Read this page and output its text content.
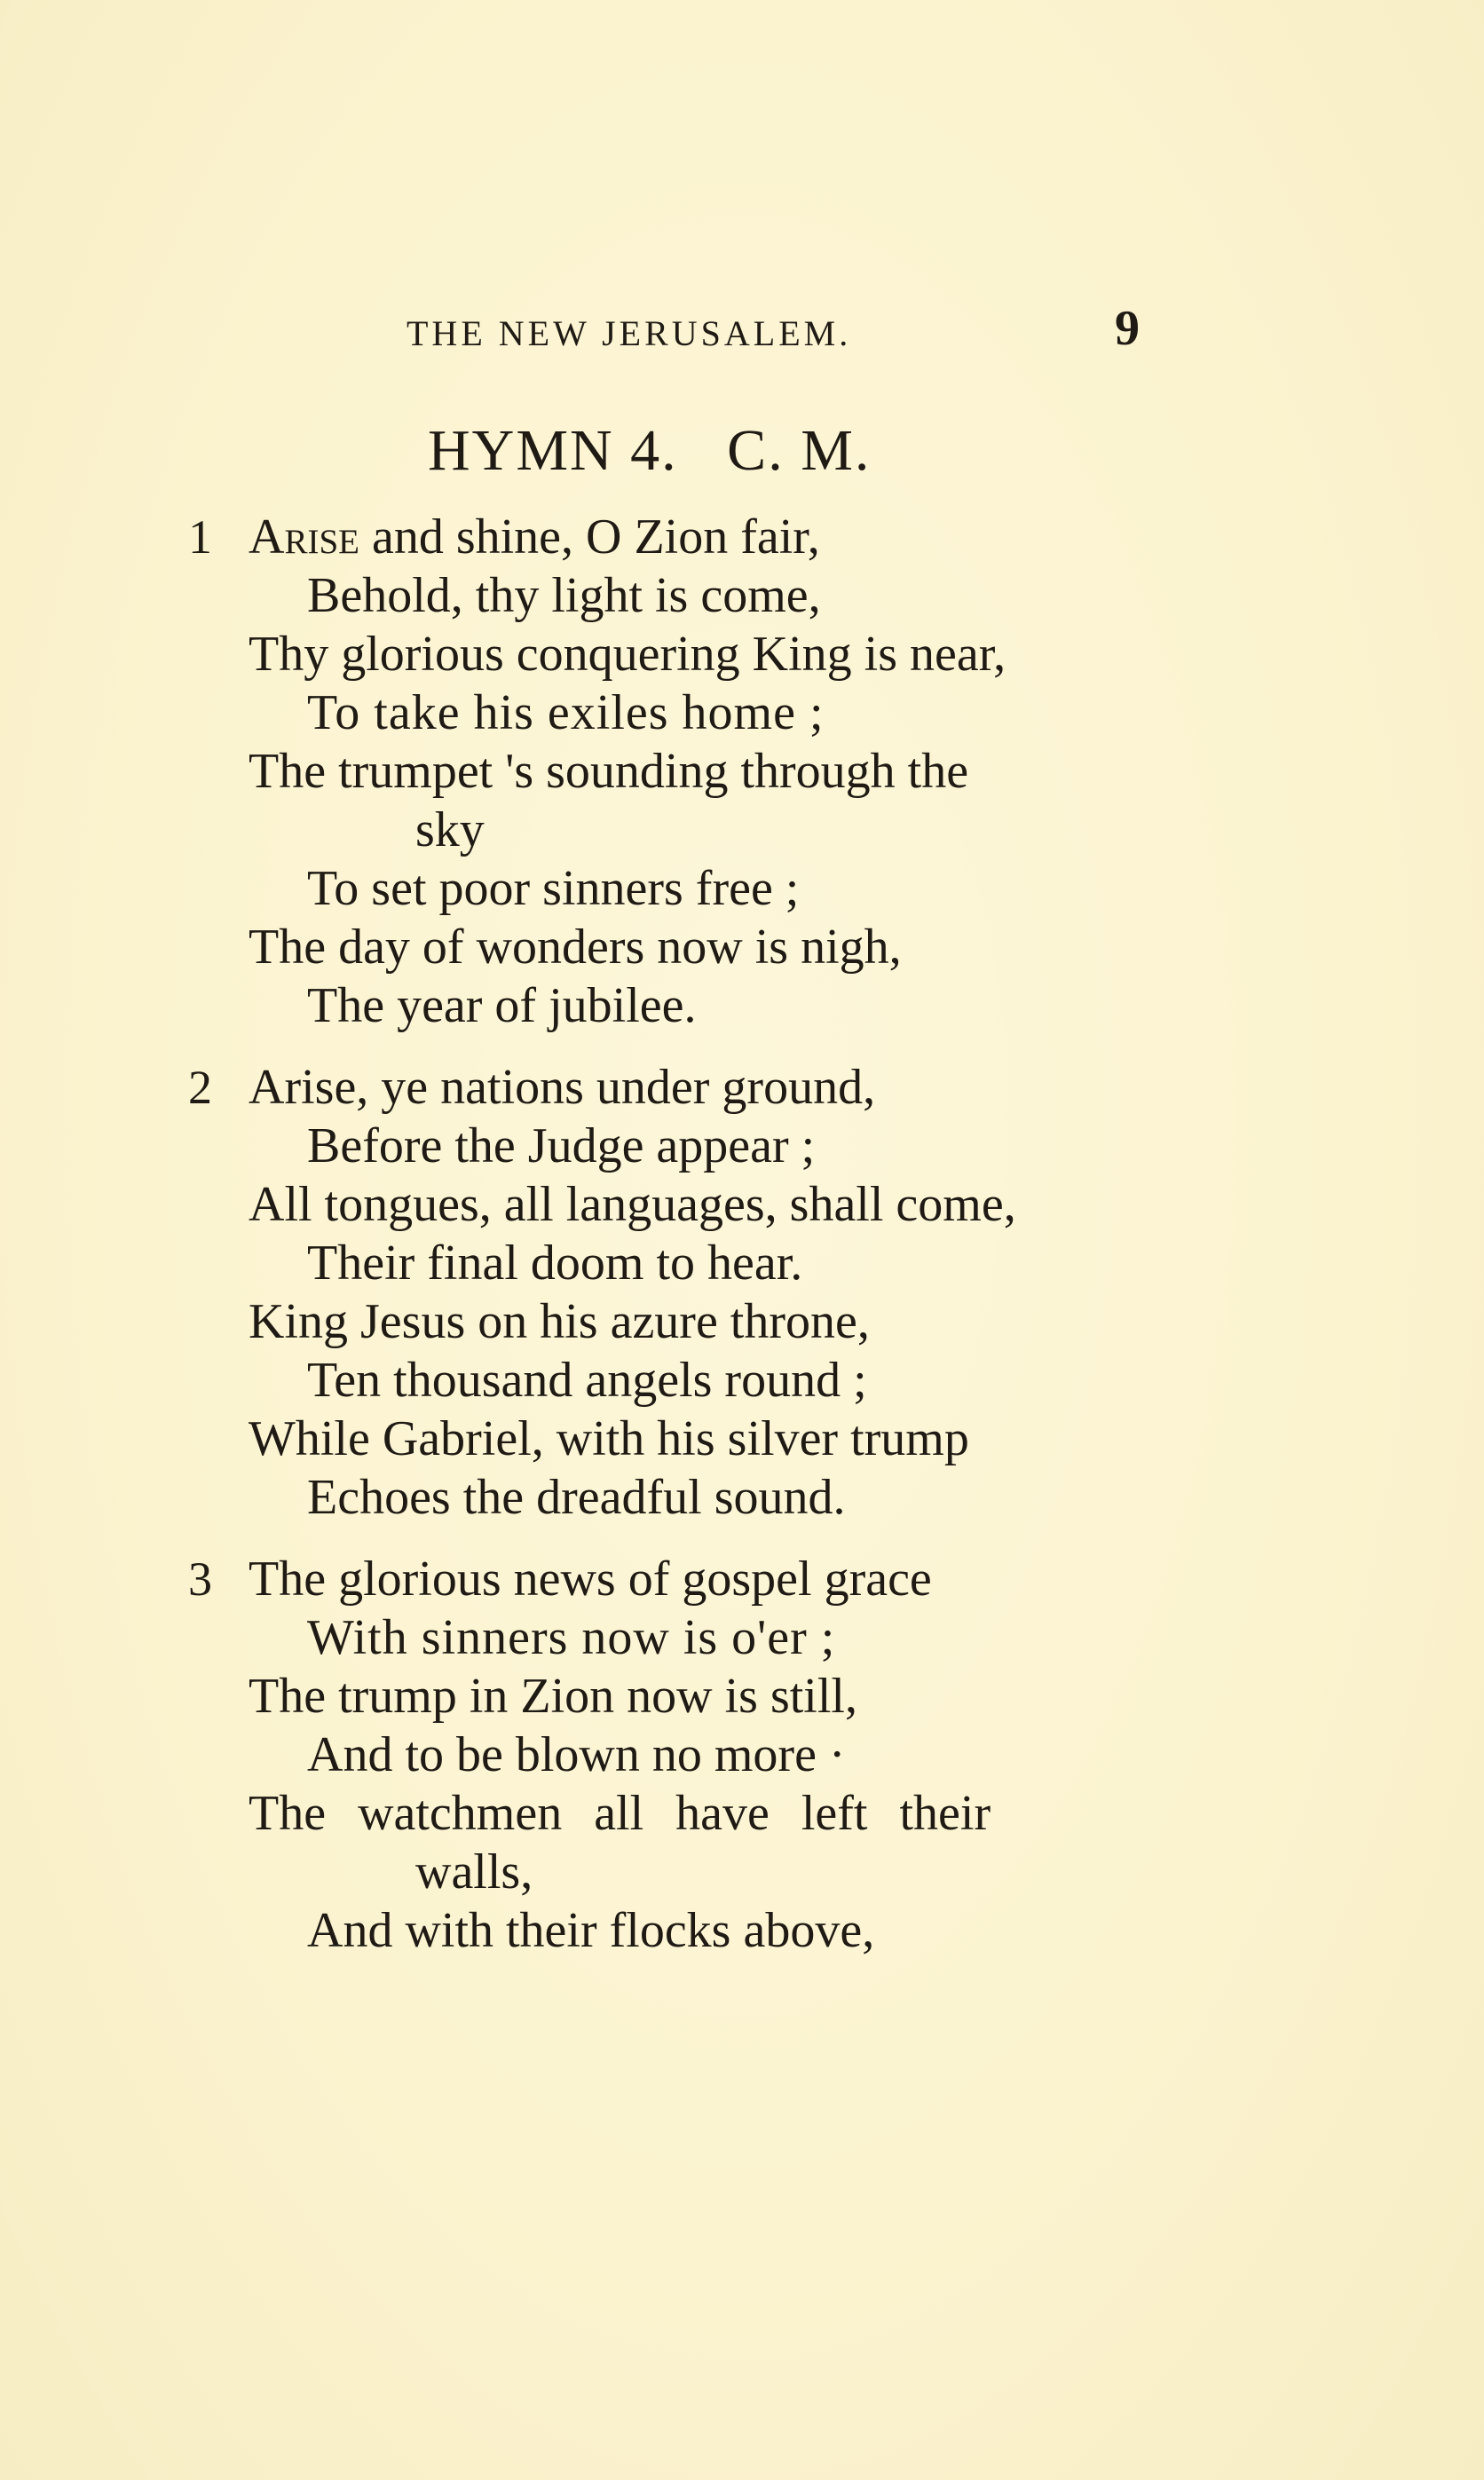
THE NEW JERUSALEM.	9
HYMN 4.   C. M.
1 Arise and shine, O Zion fair,
Behold, thy light is come,
Thy glorious conquering King is near,
To take his exiles home ;
The trumpet 's sounding through the
sky
To set poor sinners free ;
The day of wonders now is nigh,
The year of jubilee.
2 Arise, ye nations under ground,
Before the Judge appear ;
All tongues, all languages, shall come,
Their final doom to hear.
King Jesus on his azure throne,
Ten thousand angels round ;
While Gabriel, with his silver trump
Echoes the dreadful sound.
3 The glorious news of gospel grace
With sinners now is o'er ;
The trump in Zion now is still,
And to be blown no more ·
The watchmen all have left their
walls,
And with their flocks above,
